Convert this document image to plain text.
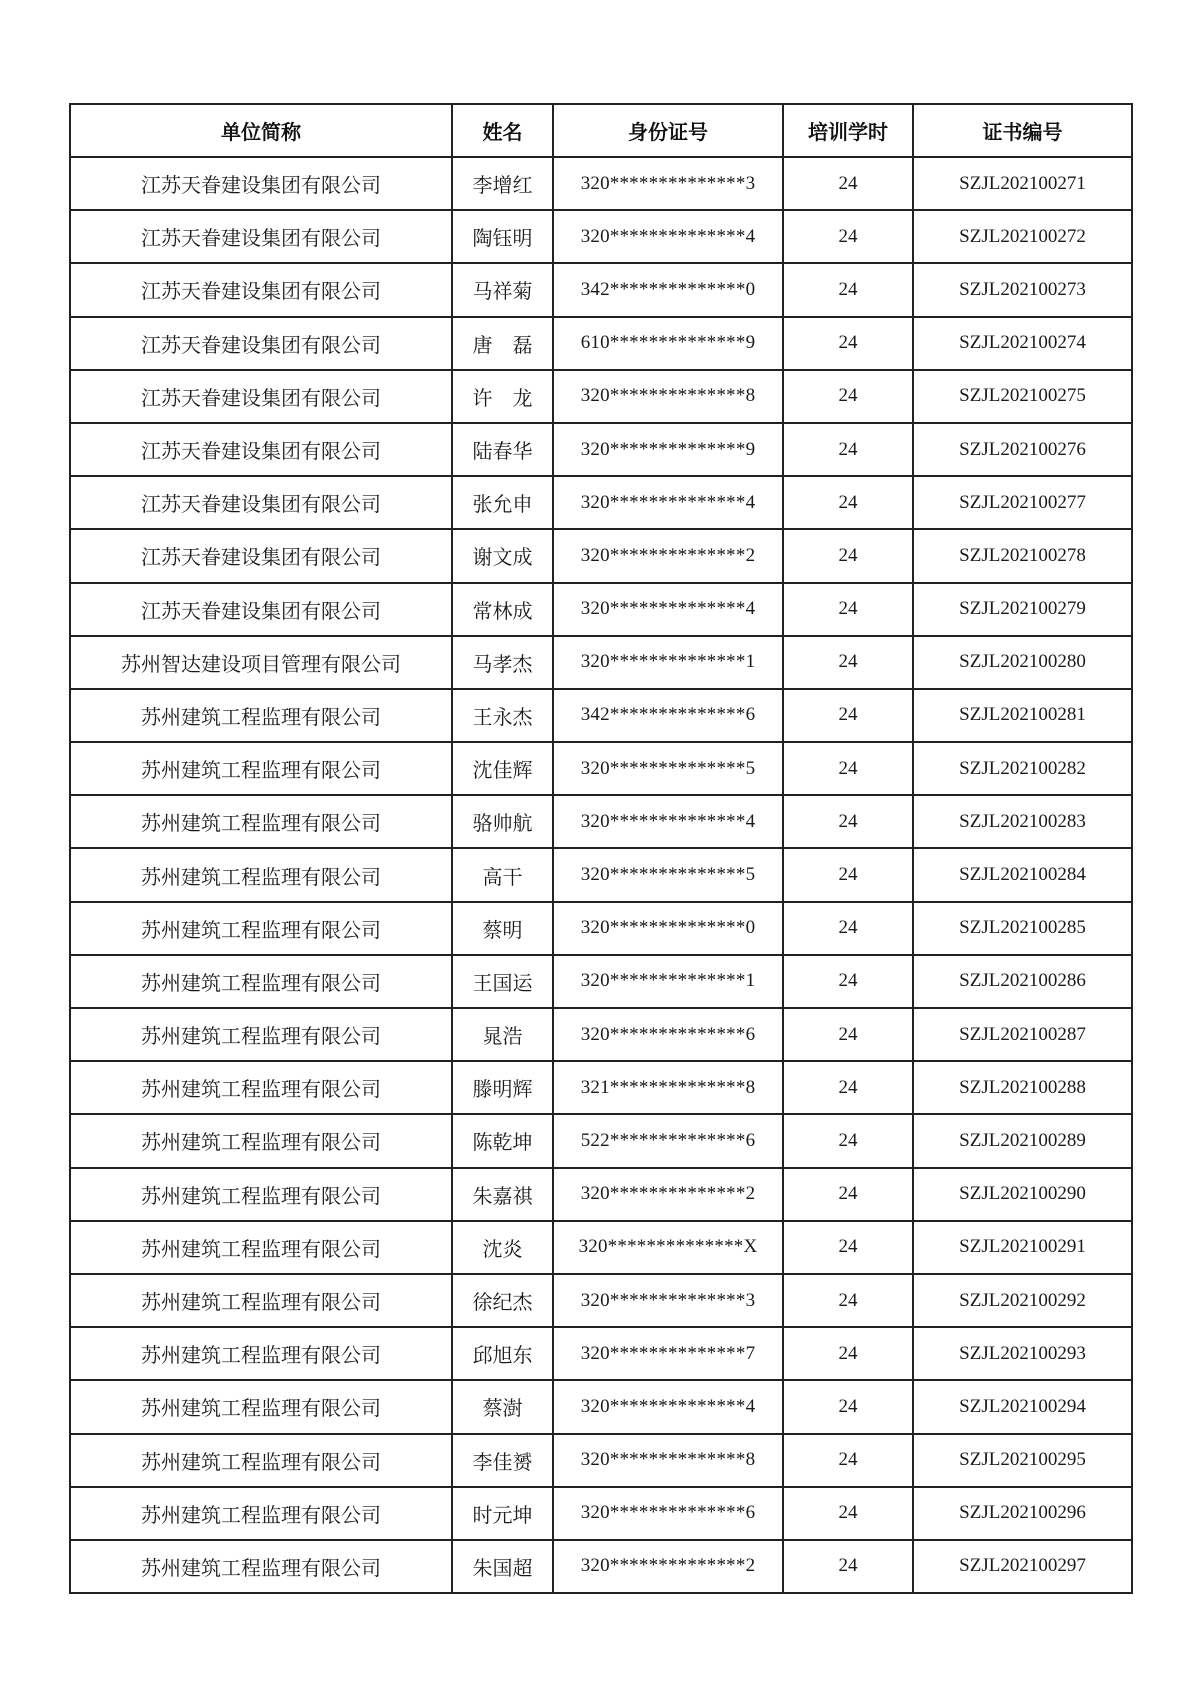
单位简称	姓名	身份证号	培训学时	证书编号
江苏天眷建设集团有限公司	李增红	320**************3	24	SZJL202100271
江苏天眷建设集团有限公司	陶钰明	320**************4	24	SZJL202100272
江苏天眷建设集团有限公司	马祥菊	342**************0	24	SZJL202100273
江苏天眷建设集团有限公司	唐　磊	610**************9	24	SZJL202100274
江苏天眷建设集团有限公司	许　龙	320**************8	24	SZJL202100275
江苏天眷建设集团有限公司	陆春华	320**************9	24	SZJL202100276
江苏天眷建设集团有限公司	张允申	320**************4	24	SZJL202100277
江苏天眷建设集团有限公司	谢文成	320**************2	24	SZJL202100278
江苏天眷建设集团有限公司	常林成	320**************4	24	SZJL202100279
苏州智达建设项目管理有限公司	马孝杰	320**************1	24	SZJL202100280
苏州建筑工程监理有限公司	王永杰	342**************6	24	SZJL202100281
苏州建筑工程监理有限公司	沈佳辉	320**************5	24	SZJL202100282
苏州建筑工程监理有限公司	骆帅航	320**************4	24	SZJL202100283
苏州建筑工程监理有限公司	高干	320**************5	24	SZJL202100284
苏州建筑工程监理有限公司	蔡明	320**************0	24	SZJL202100285
苏州建筑工程监理有限公司	王国运	320**************1	24	SZJL202100286
苏州建筑工程监理有限公司	晁浩	320**************6	24	SZJL202100287
苏州建筑工程监理有限公司	滕明辉	321**************8	24	SZJL202100288
苏州建筑工程监理有限公司	陈乾坤	522**************6	24	SZJL202100289
苏州建筑工程监理有限公司	朱嘉祺	320**************2	24	SZJL202100290
苏州建筑工程监理有限公司	沈炎	320**************X	24	SZJL202100291
苏州建筑工程监理有限公司	徐纪杰	320**************3	24	SZJL202100292
苏州建筑工程监理有限公司	邱旭东	320**************7	24	SZJL202100293
苏州建筑工程监理有限公司	蔡澍	320**************4	24	SZJL202100294
苏州建筑工程监理有限公司	李佳赟	320**************8	24	SZJL202100295
苏州建筑工程监理有限公司	时元坤	320**************6	24	SZJL202100296
苏州建筑工程监理有限公司	朱国超	320**************2	24	SZJL202100297
